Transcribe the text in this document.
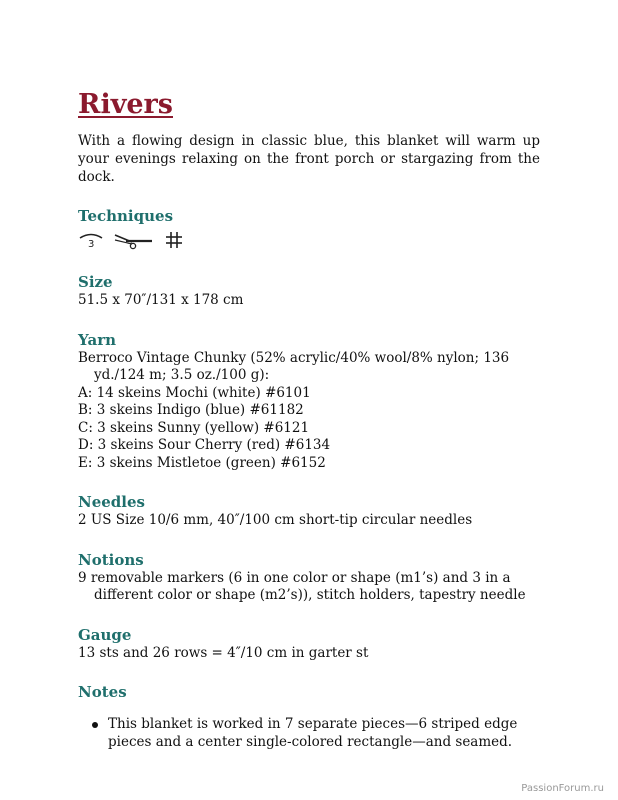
Rivers

With a flowing design in classic blue, this blanket will warm up your evenings relaxing on the front porch or stargazing from the dock.

Techniques
3
Size
51.5 x 70″/131 x 178 cm
Yarn
Berroco Vintage Chunky (52% acrylic/40% wool/8% nylon; 136 yd./124 m; 3.5 oz./100 g):
A: 14 skeins Mochi (white) #6101
B: 3 skeins Indigo (blue) #61182
C: 3 skeins Sunny (yellow) #6121
D: 3 skeins Sour Cherry (red) #6134
E: 3 skeins Mistletoe (green) #6152
Needles
2 US Size 10/6 mm, 40″/100 cm short-tip circular needles
Notions
9 removable markers (6 in one color or shape (m1’s) and 3 in a different color or shape (m2’s)), stitch holders, tapestry needle
Gauge
13 sts and 26 rows = 4″/10 cm in garter st
Notes
This blanket is worked in 7 separate pieces—6 striped edge pieces and a center single-colored rectangle—and seamed.
PassionForum.ru
